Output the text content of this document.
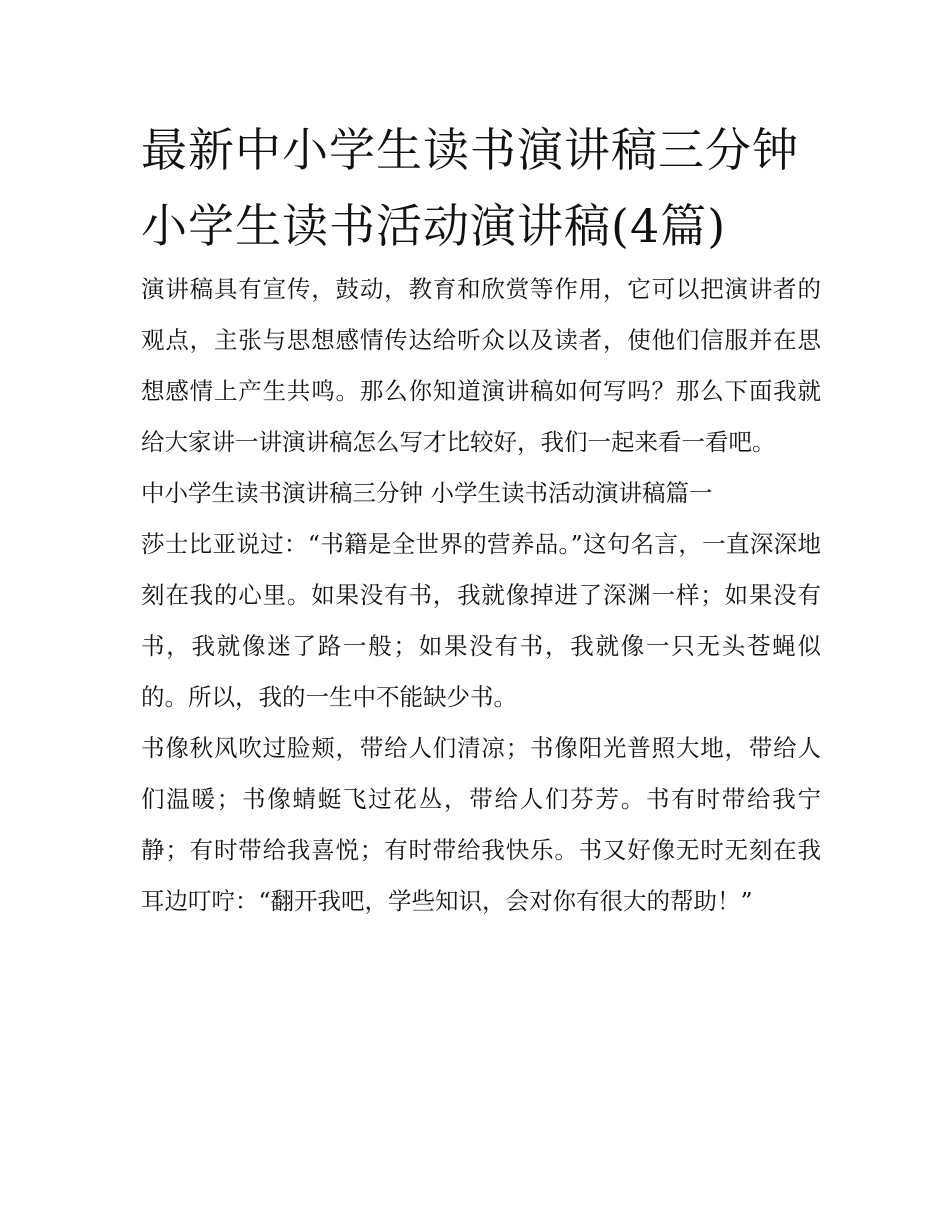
最新中小学生读书演讲稿三分钟 小学生读书活动演讲稿(4篇)

演讲稿具有宣传，鼓动，教育和欣赏等作用，它可以把演讲者的观点，主张与思想感情传达给听众以及读者，使他们信服并在思想感情上产生共鸣。那么你知道演讲稿如何写吗？那么下面我就给大家讲一讲演讲稿怎么写才比较好，我们一起来看一看吧。

中小学生读书演讲稿三分钟 小学生读书活动演讲稿篇一

莎士比亚说过：“书籍是全世界的营养品。”这句名言，一直深深地刻在我的心里。如果没有书，我就像掉进了深渊一样；如果没有书，我就像迷了路一般；如果没有书，我就像一只无头苍蝇似的。所以，我的一生中不能缺少书。

书像秋风吹过脸颊，带给人们清凉；书像阳光普照大地，带给人们温暖；书像蜻蜓飞过花丛，带给人们芬芳。书有时带给我宁静；有时带给我喜悦；有时带给我快乐。书又好像无时无刻在我耳边叮咛：“翻开我吧，学些知识，会对你有很大的帮助！”
